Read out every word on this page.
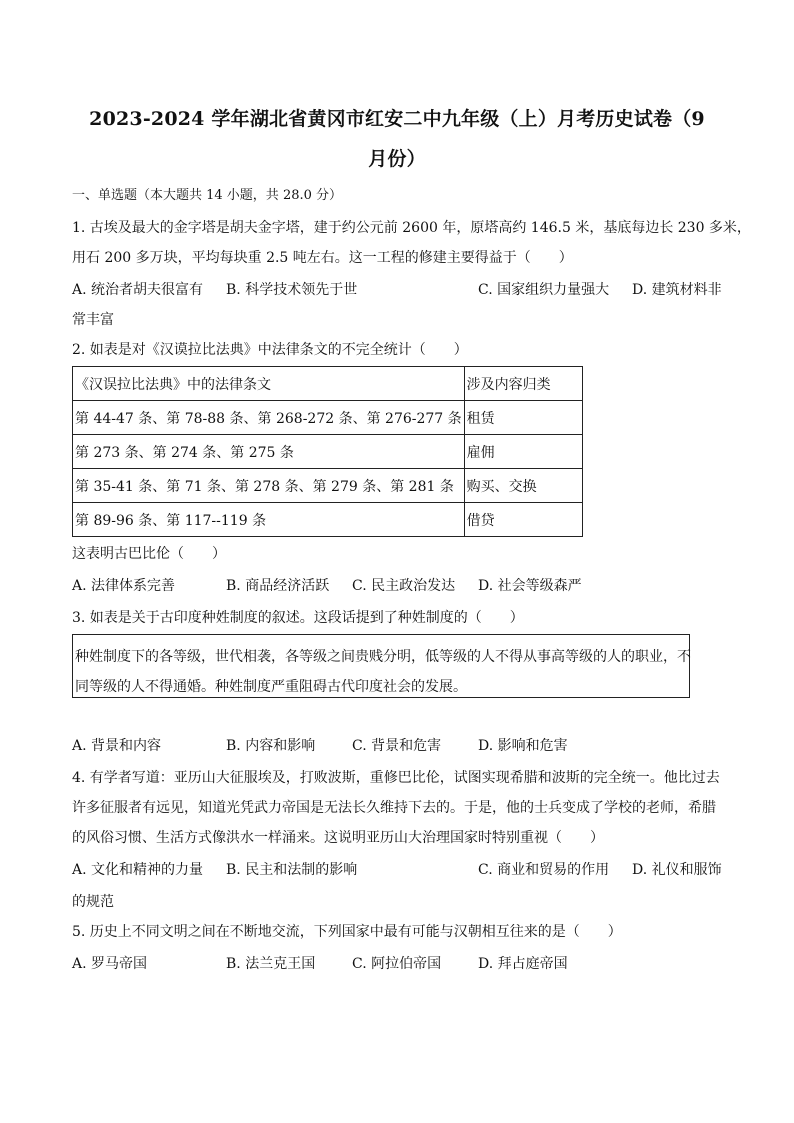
2023-2024 学年湖北省黄冈市红安二中九年级（上）月考历史试卷（9
月份）
一、单选题（本大题共 14 小题，共 28.0 分）
1. 古埃及最大的金字塔是胡夫金字塔，建于约公元前 2600 年，原塔高约 146.5 米，基底每边长 230 多米，
用石 200 多万块，平均每块重 2.5 吨左右。这一工程的修建主要得益于（　　）
A. 统治者胡夫很富有 B. 科学技术领先于世	C. 国家组织力量强大 D. 建筑材料非
常丰富
2. 如表是对《汉谟拉比法典》中法律条文的不完全统计（　　）
《汉误拉比法典》中的法律条文	涉及内容归类
第 44-47 条、第 78-88 条、第 268-272 条、第 276-277 条	租赁
第 273 条、第 274 条、第 275 条	雇佣
第 35-41 条、第 71 条、第 278 条、第 279 条、第 281 条	购买、交换
第 89-96 条、第 117--119 条	借贷
这表明古巴比伦（　　）
A. 法律体系完善	B. 商品经济活跃 C. 民主政治发达 D. 社会等级森严
3. 如表是关于古印度种姓制度的叙述。这段话提到了种姓制度的（　　）
种姓制度下的各等级，世代相袭，各等级之间贵贱分明，低等级的人不得从事高等级的人的职业，不
同等级的人不得通婚。种姓制度严重阻碍古代印度社会的发展。
A. 背景和内容	B. 内容和影响	C. 背景和危害	D. 影响和危害
4. 有学者写道：亚历山大征服埃及，打败波斯，重修巴比伦，试图实现希腊和波斯的完全统一。他比过去
许多征服者有远见，知道光凭武力帝国是无法长久维持下去的。于是，他的士兵变成了学校的老师，希腊
的风俗习惯、生活方式像洪水一样涌来。这说明亚历山大治理国家时特别重视（　　）
A. 文化和精神的力量 B. 民主和法制的影响	C. 商业和贸易的作用 D. 礼仪和服饰
的规范
5. 历史上不同文明之间在不断地交流，下列国家中最有可能与汉朝相互往来的是（　　）
A. 罗马帝国	B. 法兰克王国	C. 阿拉伯帝国	D. 拜占庭帝国
